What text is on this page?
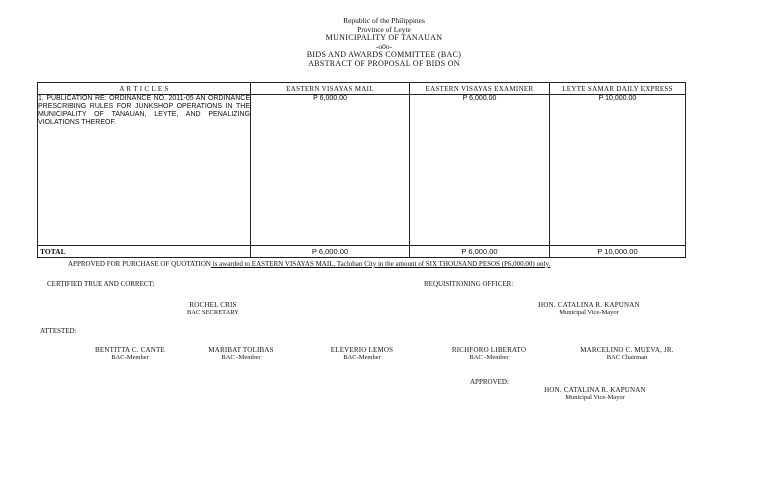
Republic of the Philippines
Province of Leyte
MUNICIPALITY OF TANAUAN
-o0o-
BIDS AND AWARDS COMMITTEE (BAC)
ABSTRACT OF PROPOSAL OF BIDS ON
A R T I C L E S	EASTERN VISAYAS MAIL	EASTERN VISAYAS EXAMINER	LEYTE SAMAR DAILY EXPRESS
1. PUBLICATION RE: ORDINANCE NO. 2011-05 AN ORDINANCE PRESCRIBING RULES FOR JUNKSHOP OPERATIONS IN THE MUNICIPALITY OF TANAUAN, LEYTE, AND PENALIZING VIOLATIONS THEREOF.	P 6,000.00	P 6,000.00	P 10,000.00
TOTAL	P 6,000.00	P 6,000.00	P 10,000.00
APPROVED FOR PURCHASE OF QUOTATION is awarded to EASTERN VISAYAS MAIL, Tacloban City in the amount of SIX THOUSAND PESOS (P6,000.00) only.
CERTIFIED TRUE AND CORRECT:	REQUISITIONING OFFICER:
ROCHEL CRIS
BAC SECRETARY
HON. CATALINA R. KAPUNAN
Municipal Vice-Mayor
ATTESTED:
BENTITTA C. CANTE
BAC-Member
MARIBAT TOLIBAS
BAC -Member
ELEVERIO LEMOS
BAC-Member
RICHFORO LIBERATO
BAC -Member
MARCELINO C. MUEVA, JR.
BAC Chairman
APPROVED:
HON. CATALINA R. KAPUNAN
Municipal Vice-Mayor
